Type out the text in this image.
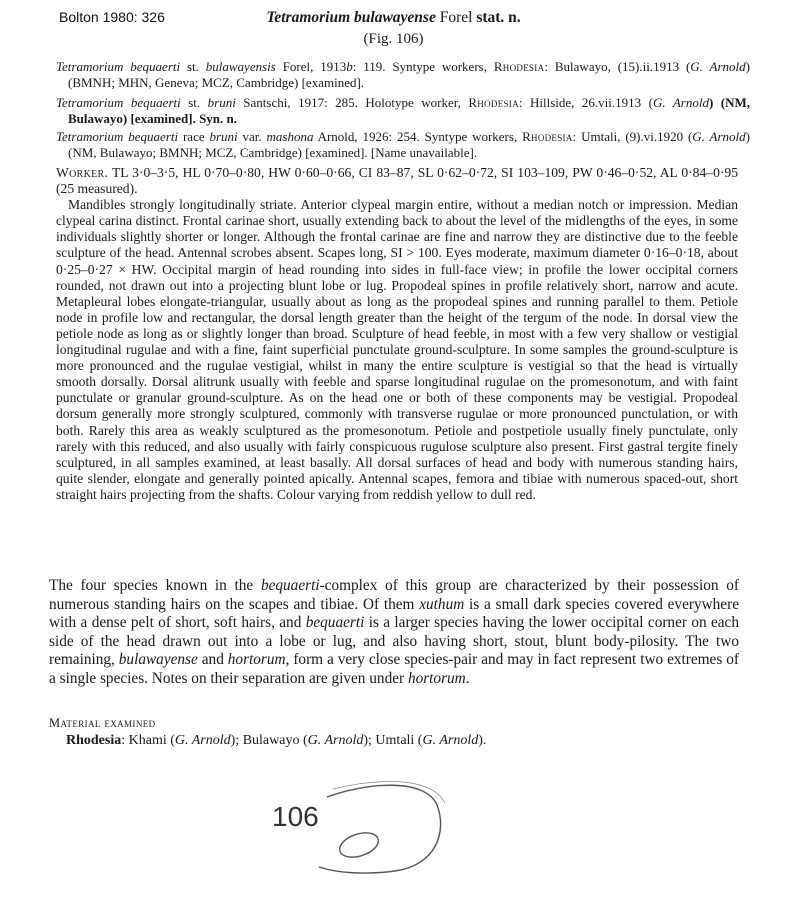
Bolton 1980: 326	Tetramorium bulawayense Forel stat. n.
(Fig. 106)
Tetramorium bequaerti st. bulawayensis Forel, 1913b: 119. Syntype workers, Rhodesia: Bulawayo, (15).ii.1913 (G. Arnold) (BMNH; MHN, Geneva; MCZ, Cambridge) [examined].
Tetramorium bequaerti st. bruni Santschi, 1917: 285. Holotype worker, Rhodesia: Hillside, 26.vii.1913 (G. Arnold) (NM, Bulawayo) [examined]. Syn. n.
Tetramorium bequaerti race bruni var. mashona Arnold, 1926: 254. Syntype workers, Rhodesia: Umtali, (9).vi.1920 (G. Arnold) (NM, Bulawayo; BMNH; MCZ, Cambridge) [examined]. [Name unavailable].

Worker. TL 3·0–3·5, HL 0·70–0·80, HW 0·60–0·66, CI 83–87, SL 0·62–0·72, SI 103–109, PW 0·46–0·52, AL 0·84–0·95 (25 measured).

Mandibles strongly longitudinally striate. Anterior clypeal margin entire, without a median notch or impression. Median clypeal carina distinct. Frontal carinae short, usually extending back to about the level of the midlengths of the eyes, in some individuals slightly shorter or longer. Although the frontal carinae are fine and narrow they are distinctive due to the feeble sculpture of the head. Antennal scrobes absent. Scapes long, SI > 100. Eyes moderate, maximum diameter 0·16–0·18, about 0·25–0·27 × HW. Occipital margin of head rounding into sides in full-face view; in profile the lower occipital corners rounded, not drawn out into a projecting blunt lobe or lug. Propodeal spines in profile relatively short, narrow and acute. Metapleural lobes elongate-triangular, usually about as long as the propodeal spines and running parallel to them. Petiole node in profile low and rectangular, the dorsal length greater than the height of the tergum of the node. In dorsal view the petiole node as long as or slightly longer than broad. Sculpture of head feeble, in most with a few very shallow or vestigial longitudinal rugulae and with a fine, faint superficial punctulate ground-sculpture. In some samples the ground-sculpture is more pronounced and the rugulae vestigial, whilst in many the entire sculpture is vestigial so that the head is virtually smooth dorsally. Dorsal alitrunk usually with feeble and sparse longitudinal rugulae on the promesonotum, and with faint punctulate or granular ground-sculpture. As on the head one or both of these components may be vestigial. Propodeal dorsum generally more strongly sculptured, commonly with transverse rugulae or more pronounced punctulation, or with both. Rarely this area as weakly sculptured as the promesonotum. Petiole and postpetiole usually finely punctulate, only rarely with this reduced, and also usually with fairly conspicuous rugulose sculpture also present. First gastral tergite finely sculptured, in all samples examined, at least basally. All dorsal surfaces of head and body with numerous standing hairs, quite slender, elongate and generally pointed apically. Antennal scapes, femora and tibiae with numerous spaced-out, short straight hairs projecting from the shafts. Colour varying from reddish yellow to dull red.

The four species known in the bequaerti-complex of this group are characterized by their possession of numerous standing hairs on the scapes and tibiae. Of them xuthum is a small dark species covered everywhere with a dense pelt of short, soft hairs, and bequaerti is a larger species having the lower occipital corner on each side of the head drawn out into a lobe or lug, and also having short, stout, blunt body-pilosity. The two remaining, bulawayense and hortorum, form a very close species-pair and may in fact represent two extremes of a single species. Notes on their separation are given under hortorum.

Material examined
Rhodesia: Khami (G. Arnold); Bulawayo (G. Arnold); Umtali (G. Arnold).
106
